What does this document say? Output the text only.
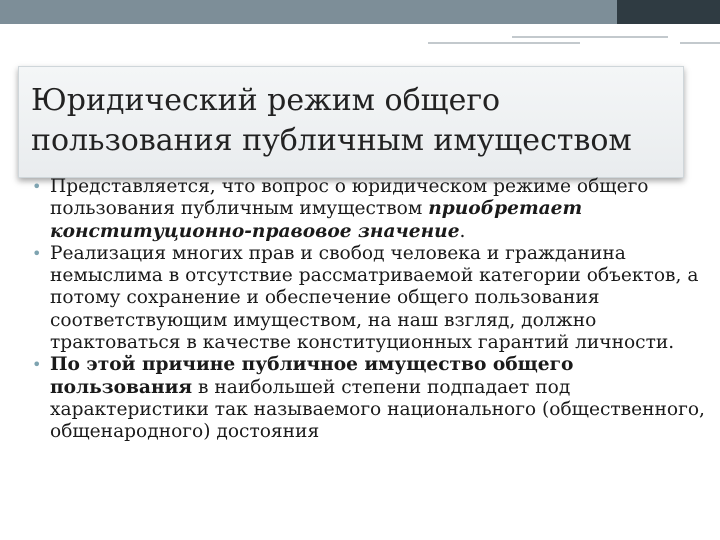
Юридический режим общего
пользования публичным имуществом
• Представляется, что вопрос о юридическом режиме общего пользования публичным имуществом приобретает конституционно-правовое значение.
• Реализация многих прав и свобод человека и гражданина немыслима в отсутствие рассматриваемой категории объектов, а потому сохранение и обеспечение общего пользования соответствующим имуществом, на наш взгляд, должно трактоваться в качестве конституционных гарантий личности.
• По этой причине публичное имущество общего пользования в наибольшей степени подпадает под характеристики так называемого национального (общественного, общенародного) достояния
